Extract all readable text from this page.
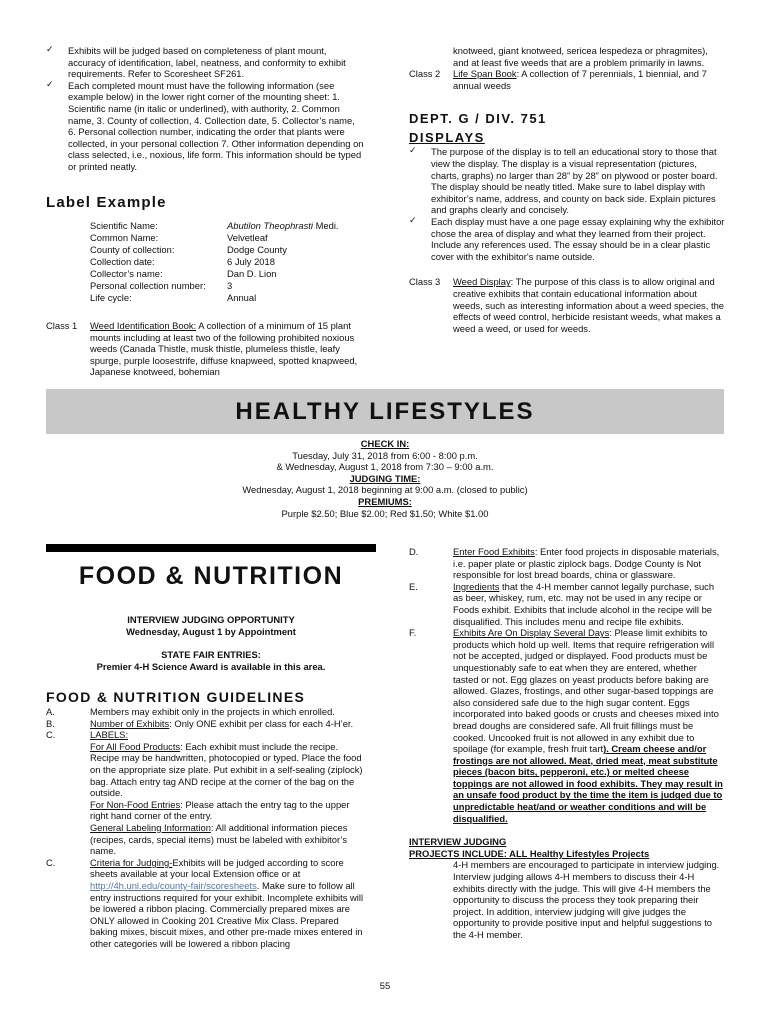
✓ Exhibits will be judged based on completeness of plant mount, accuracy of identification, label, neatness, and conformity to exhibit requirements. Refer to Scoresheet SF261.
✓ Each completed mount must have the following information (see example below) in the lower right corner of the mounting sheet: 1. Scientific name (in italic or underlined), with authority, 2. Common name, 3. County of collection, 4. Collection date, 5. Collector’s name, 6. Personal collection number, indicating the order that plants were collected, in your personal collection 7. Other information depending on class selected, i.e., noxious, life form. This information should be typed or printed neatly.
Label Example
Scientific Name:	Abutilon Theophrasti Medi.
Common Name:	Velvetleaf
County of collection:	Dodge County
Collection date:	6 July 2018
Collector’s name:	Dan D. Lion
Personal collection number:	3
Life cycle:	Annual
Class 1	Weed Identification Book: A collection of a minimum of 15 plant mounts including at least two of the following prohibited noxious weeds (Canada Thistle, musk thistle, plumeless thistle, leafy spurge, purple loosestrife, diffuse knapweed, spotted knapweed, Japanese knotweed, bohemian
knotweed, giant knotweed, sericea lespedeza or phragmites), and at least five weeds that are a problem primarily in lawns.
Class 2	Life Span Book: A collection of 7 perennials, 1 biennial, and 7 annual weeds
DEPT. G / DIV. 751
DISPLAYS
✓ The purpose of the display is to tell an educational story to those that view the display. The display is a visual representation (pictures, charts, graphs) no larger than 28” by 28” on plywood or poster board. The display should be neatly titled. Make sure to label display with exhibitor’s name, address, and county on back side. Explain pictures and graphs clearly and concisely.
✓ Each display must have a one page essay explaining why the exhibitor chose the area of display and what they learned from their project. Include any references used. The essay should be in a clear plastic cover with the exhibitor's name outside.
Class 3	Weed Display: The purpose of this class is to allow original and creative exhibits that contain educational information about weeds, such as interesting information about a weed species, the effects of weed control, herbicide resistant weeds, what makes a weed a weed, or used for weeds.
HEALTHY LIFESTYLES
CHECK IN:
Tuesday, July 31, 2018 from 6:00 - 8:00 p.m.
& Wednesday, August 1, 2018 from 7:30 – 9:00 a.m.
JUDGING TIME:
Wednesday, August 1, 2018 beginning at 9:00 a.m. (closed to public)
PREMIUMS:
Purple $2.50; Blue $2.00; Red $1.50; White $1.00
FOOD & NUTRITION
INTERVIEW JUDGING OPPORTUNITY
Wednesday, August 1 by Appointment
STATE FAIR ENTRIES:
Premier 4-H Science Award is available in this area.
FOOD & NUTRITION GUIDELINES
A.	Members may exhibit only in the projects in which enrolled.
B.	Number of Exhibits: Only ONE exhibit per class for each 4-H’er.
C.	LABELS:
For All Food Products: Each exhibit must include the recipe. Recipe may be handwritten, photocopied or typed. Place the food on the appropriate size plate. Put exhibit in a self-sealing (ziplock) bag. Attach entry tag AND recipe at the corner of the bag on the outside.
For Non-Food Entries: Please attach the entry tag to the upper right hand corner of the entry.
General Labeling Information: All additional information pieces (recipes, cards, special items) must be labeled with exhibitor’s name.
C.	Criteria for Judging-Exhibits will be judged according to score sheets available at your local Extension office or at http://4h.unl.edu/county-fair/scoresheets. Make sure to follow all entry instructions required for your exhibit. Incomplete exhibits will be lowered a ribbon placing. Commercially prepared mixes are ONLY allowed in Cooking 201 Creative Mix Class. Prepared baking mixes, biscuit mixes, and other pre-made mixes entered in other categories will be lowered a ribbon placing
D.	Enter Food Exhibits: Enter food projects in disposable materials, i.e. paper plate or plastic ziplock bags. Dodge County is Not responsible for lost bread boards, china or glassware.
E.	Ingredients that the 4-H member cannot legally purchase, such as beer, whiskey, rum, etc. may not be used in any recipe or Foods exhibit. Exhibits that include alcohol in the recipe will be disqualified. This includes menu and recipe file exhibits.
F.	Exhibits Are On Display Several Days: Please limit exhibits to products which hold up well. Items that require refrigeration will not be accepted, judged or displayed. Food products must be unquestionably safe to eat when they are entered, whether tasted or not. Egg glazes on yeast products before baking are allowed. Glazes, frostings, and other sugar-based toppings are also considered safe due to the high sugar content. Eggs incorporated into baked goods or crusts and cheeses mixed into bread doughs are considered safe. All fruit fillings must be cooked. Uncooked fruit is not allowed in any exhibit due to spoilage (for example, fresh fruit tart). Cream cheese and/or frostings are not allowed. Meat, dried meat, meat substitute pieces (bacon bits, pepperoni, etc.) or melted cheese toppings are not allowed in food exhibits. They may result in an unsafe food product by the time the item is judged due to unpredictable heat/and or weather conditions and will be disqualified.
INTERVIEW JUDGING
PROJECTS INCLUDE: ALL Healthy Lifestyles Projects
4-H members are encouraged to participate in interview judging. Interview judging allows 4-H members to discuss their 4-H exhibits directly with the judge. This will give 4-H members the opportunity to discuss the process they took preparing their project. In addition, interview judging will give judges the opportunity to provide positive input and helpful suggestions to the 4-H member.
55
